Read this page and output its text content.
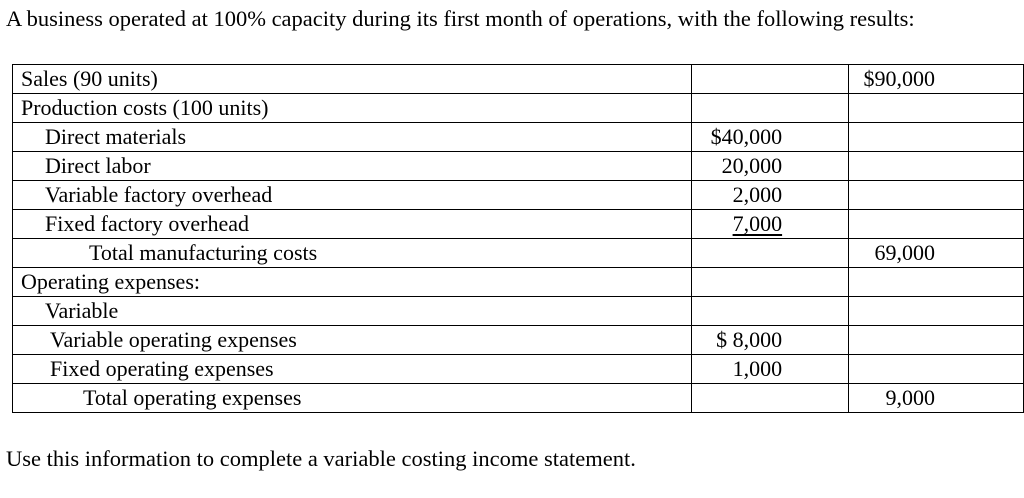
A business operated at 100% capacity during its first month of operations, with the following results:
Sales (90 units)		$90,000
Production costs (100 units)		
Direct materials	$40,000	
Direct labor	20,000	
Variable factory overhead	2,000	
Fixed factory overhead	7,000	
Total manufacturing costs		69,000
Operating expenses:		
Variable		
Variable operating expenses	$ 8,000	
Fixed operating expenses	1,000	
Total operating expenses		9,000
Use this information to complete a variable costing income statement.
